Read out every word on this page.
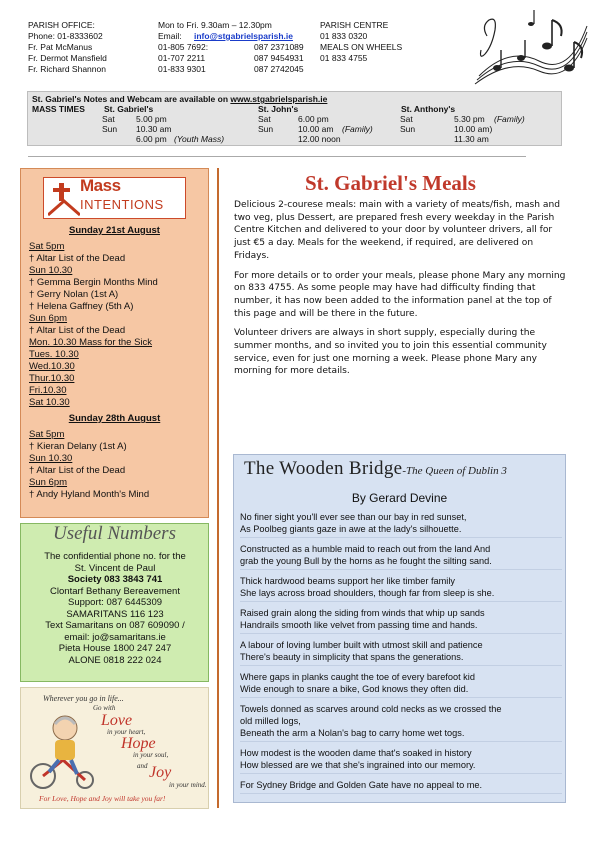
PARISH OFFICE:	Mon to Fri. 9.30am – 12.30pm	PARISH CENTRE
Phone: 01-8333602	Email:	info@stgabrielsparish.ie	01 833 0320
Fr. Pat McManus	01-805 7692:	087 2371089	MEALS ON WHEELS
Fr. Dermot Mansfield	01-707 2211	087 9454931	01 833 4755
Fr. Richard Shannon	01-833 9301	087 2742045
St. Gabriel's Notes and Webcam are available on www.stgabrielsparish.ie
MASS TIMES St. Gabriel's	St. John's	St. Anthony's
Sat 5.00 pm	Sat	6.00 pm	Sat	5.30 pm (Family)
Sun 10.30 am	Sun	10.00 am (Family)	Sun	10.00 am)
6.00 pm (Youth Mass)	12.00 noon	11.30 am
Mass
INTENTIONS
Sunday 21st August
Sat 5pm
† Altar List of the Dead
Sun 10.30
† Gemma Bergin Months Mind
† Gerry Nolan (1st A)
† Helena Gaffney (5th A)
Sun 6pm
† Altar List of the Dead
Mon. 10.30 Mass for the Sick
Tues. 10.30
Wed.10.30
Thur.10.30
Fri.10.30
Sat 10.30
Sunday 28th August
Sat 5pm
† Kieran Delany (1st A)
Sun 10.30
† Altar List of the Dead
Sun 6pm
† Andy Hyland Month's Mind
Useful Numbers
The confidential phone no. for the
St. Vincent de Paul
Society 083 3843 741
Clontarf Bethany Bereavement
Support: 087 6445309
SAMARITANS 116 123
Text Samaritans on 087 609090 /
email: jo@samaritans.ie
Pieta House 1800 247 247
ALONE 0818 222 024
Wherever you go in life...
Go with
Love
in your heart,
Hope
in your soul,
and Joy
in your mind.
For Love, Hope and Joy will take you far!
St. Gabriel's Meals

Delicious 2-courese meals: main with a variety of meats/fish, mash and two veg, plus Dessert, are prepared fresh every weekday in the Parish Centre Kitchen and delivered to your door by volunteer drivers, all for just €5 a day. Meals for the weekend, if required, are delivered on Fridays.

For more details or to order your meals, please phone Mary any morning on 833 4755. As some people may have had difficulty finding that number, it has now been added to the information panel at the top of this page and will be there in the future.

Volunteer drivers are always in short supply, especially during the summer months, and so invited you to join this essential community service, even for just one morning a week. Please phone Mary any morning for more details.

The Wooden Bridge-The Queen of Dublin 3
By Gerard Devine
No finer sight you'll ever see than our bay in red sunset,
As Poolbeg giants gaze in awe at the lady's silhouette.
Constructed as a humble maid to reach out from the land And
grab the young Bull by the horns as he fought the silting sand.
Thick hardwood beams support her like timber family
She lays across broad shoulders, though far from sleep is she.
Raised grain along the siding from winds that whip up sands
Handrails smooth like velvet from passing time and hands.
A labour of loving lumber built with utmost skill and patience
There's beauty in simplicity that spans the generations.
Where gaps in planks caught the toe of every barefoot kid
Wide enough to snare a bike, God knows they often did.
Towels donned as scarves around cold necks as we crossed the
old milled logs,
Beneath the arm a Nolan's bag to carry home wet togs.
How modest is the wooden dame that's soaked in history
How blessed are we that she's ingrained into our memory.
For Sydney Bridge and Golden Gate have no appeal to me.
